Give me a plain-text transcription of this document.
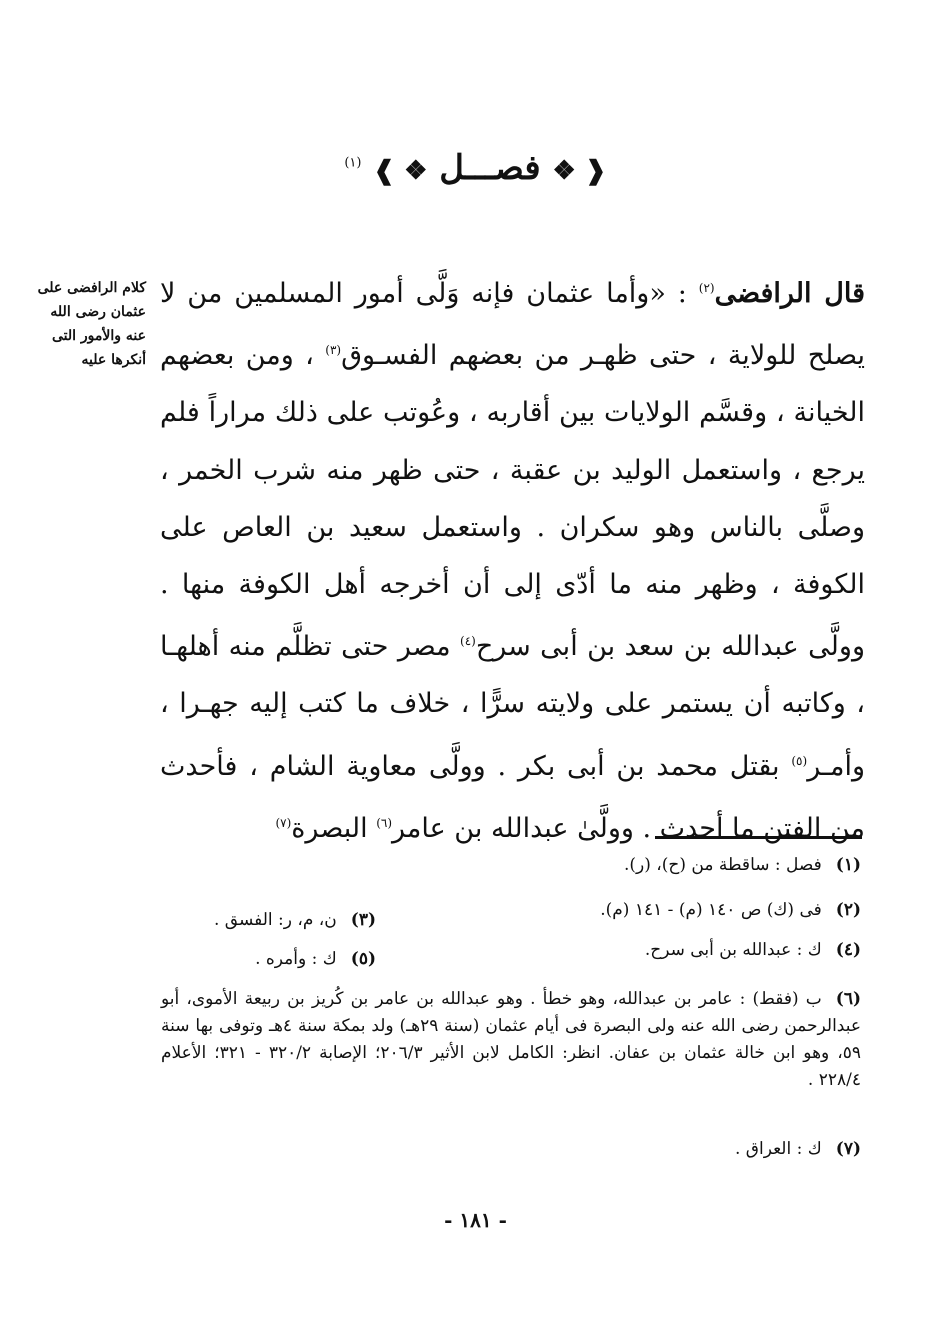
❰ ❖ فصـــل ❖ ❱ $^{(١)}$
كلام الرافضى على عثمان رضى الله عنه والأمور التى أنكرها عليه
قال الرافضى$^{(٢)}$ : «وأما عثمان فإنه وَلَّى أمور المسلمين من لا يصلح للولاية ، حتى ظهـر من بعضهم الفسـوق$^{(٣)}$ ، ومن بعضهم الخيانة ، وقسَّم الولايات بين أقاربه ، وعُوتب على ذلك مراراً فلم يرجع ، واستعمل الوليد بن عقبة ، حتى ظهر منه شرب الخمر ، وصلَّى بالناس وهو سكران . واستعمل سعيد بن العاص على الكوفة ، وظهر منه ما أدّى إلى أن أخرجه أهل الكوفة منها . وولَّى عبدالله بن سعد بن أبى سرح$^{(٤)}$ مصر حتى تظلَّم منه أهلهـا ، وكاتبه أن يستمر على ولايته سرًّا ، خلاف ما كتب إليه جهـرا ، وأمـر$^{(٥)}$ بقتل محمد بن أبى بكر . وولَّى معاوية الشام ، فأحدث من الفتن ما أحدث . وولَّىٰ عبدالله بن عامر$^{(٦)}$ البصرة$^{(٧)}$
(١)فصل : ساقطة من (ح)، (ر).
(٢)فى (ك) ص ١٤٠ (م) - ١٤١ (م).
(٣)ن، م، ر: الفسق .
(٤)ك : عبدالله بن أبى سرح.
(٥)ك : وأمره .
(٦)ب (فقط) : عامر بن عبدالله، وهو خطأ . وهو عبدالله بن عامر بن كُريز بن ربيعة الأموى، أبو عبدالرحمن رضى الله عنه ولى البصرة فى أيام عثمان (سنة ٢٩هـ) ولد بمكة سنة ٤هـ وتوفى بها سنة ٥٩، وهو ابن خالة عثمان بن عفان. انظر: الكامل لابن الأثير ٢٠٦/٣؛ الإصابة ٣٢٠/٢ - ٣٢١؛ الأعلام ٢٢٨/٤ .
(٧)ك : العراق .
- ١٨١ -
